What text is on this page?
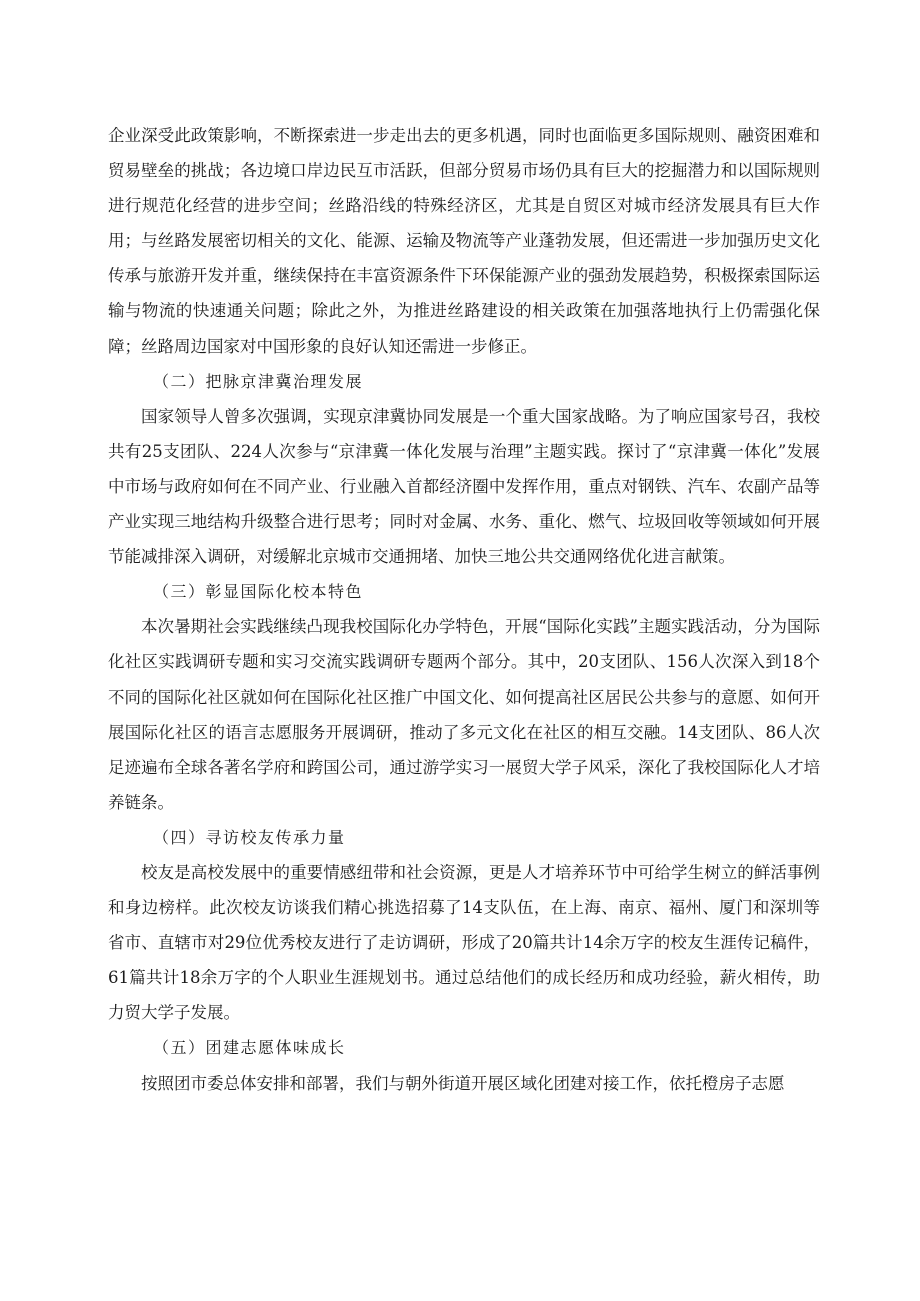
企业深受此政策影响，不断探索进一步走出去的更多机遇，同时也面临更多国际规则、融资困难和贸易壁垒的挑战；各边境口岸边民互市活跃，但部分贸易市场仍具有巨大的挖掘潜力和以国际规则进行规范化经营的进步空间；丝路沿线的特殊经济区，尤其是自贸区对城市经济发展具有巨大作用；与丝路发展密切相关的文化、能源、运输及物流等产业蓬勃发展，但还需进一步加强历史文化传承与旅游开发并重，继续保持在丰富资源条件下环保能源产业的强劲发展趋势，积极探索国际运输与物流的快速通关问题；除此之外，为推进丝路建设的相关政策在加强落地执行上仍需强化保障；丝路周边国家对中国形象的良好认知还需进一步修正。

（二）把脉京津冀治理发展

国家领导人曾多次强调，实现京津冀协同发展是一个重大国家战略。为了响应国家号召，我校共有25支团队、224人次参与“京津冀一体化发展与治理”主题实践。探讨了“京津冀一体化”发展中市场与政府如何在不同产业、行业融入首都经济圈中发挥作用，重点对钢铁、汽车、农副产品等产业实现三地结构升级整合进行思考；同时对金属、水务、重化、燃气、垃圾回收等领域如何开展节能减排深入调研，对缓解北京城市交通拥堵、加快三地公共交通网络优化进言献策。

（三）彰显国际化校本特色

本次暑期社会实践继续凸现我校国际化办学特色，开展“国际化实践”主题实践活动，分为国际化社区实践调研专题和实习交流实践调研专题两个部分。其中，20支团队、156人次深入到18个不同的国际化社区就如何在国际化社区推广中国文化、如何提高社区居民公共参与的意愿、如何开展国际化社区的语言志愿服务开展调研，推动了多元文化在社区的相互交融。14支团队、86人次足迹遍布全球各著名学府和跨国公司，通过游学实习一展贸大学子风采，深化了我校国际化人才培养链条。

（四）寻访校友传承力量

校友是高校发展中的重要情感纽带和社会资源，更是人才培养环节中可给学生树立的鲜活事例和身边榜样。此次校友访谈我们精心挑选招募了14支队伍，在上海、南京、福州、厦门和深圳等省市、直辖市对29位优秀校友进行了走访调研，形成了20篇共计14余万字的校友生涯传记稿件，61篇共计18余万字的个人职业生涯规划书。通过总结他们的成长经历和成功经验，薪火相传，助力贸大学子发展。

（五）团建志愿体味成长

按照团市委总体安排和部署，我们与朝外街道开展区域化团建对接工作，依托橙房子志愿
